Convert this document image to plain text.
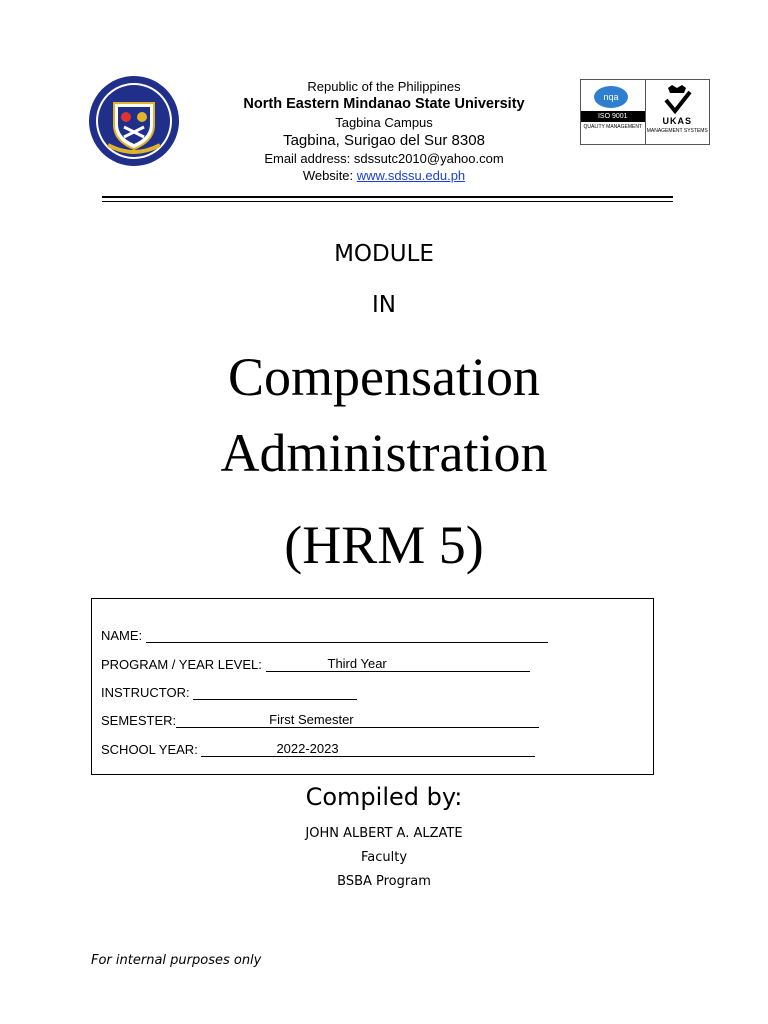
Republic of the Philippines
North Eastern Mindanao State University
Tagbina Campus
Tagbina, Surigao del Sur 8308
Email address: sdssutc2010@yahoo.com
Website: www.sdssu.edu.ph
nqa
ISO 9001
QUALITY MANAGEMENT
UKAS
MANAGEMENT SYSTEMS
MODULE
IN
Compensation
Administration
(HRM 5)
NAME:
PROGRAM / YEAR LEVEL:	Third Year
INSTRUCTOR:
SEMESTER:	First Semester
SCHOOL YEAR:	2022-2023
Compiled by:
JOHN ALBERT A. ALZATE
Faculty
BSBA Program
For internal purposes only
